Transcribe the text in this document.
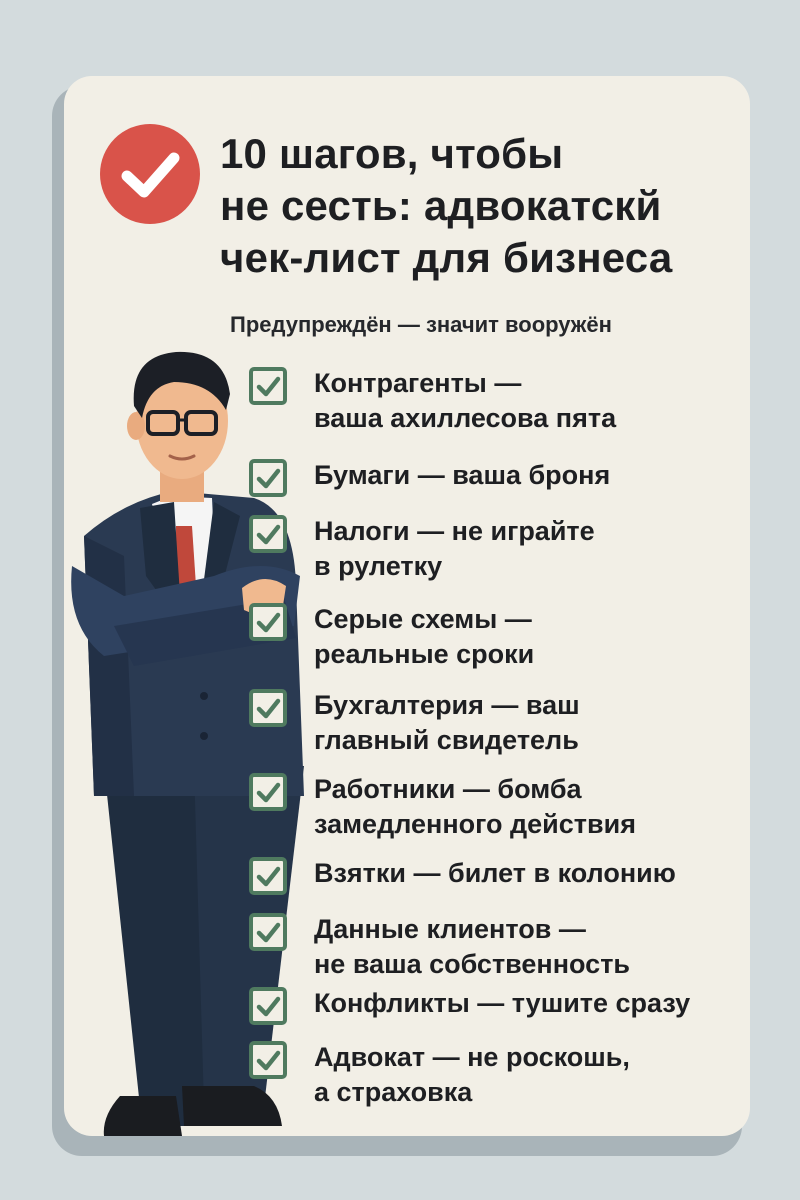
10 шагов, чтобы
не сесть: адвокатскй
чек-лист для бизнеса
Предупреждён — значит вооружён
Контрагенты —
ваша ахиллесова пята
Бумаги — ваша броня
Налоги — не играйте
в рулетку
Серые схемы —
реальные сроки
Бухгалтерия — ваш
главный свидетель
Работники — бомба
замедленного действия
Взятки — билет в колонию
Данные клиентов —
не ваша собственность
Конфликты — тушите сразу
Адвокат — не роскошь,
а страховка
